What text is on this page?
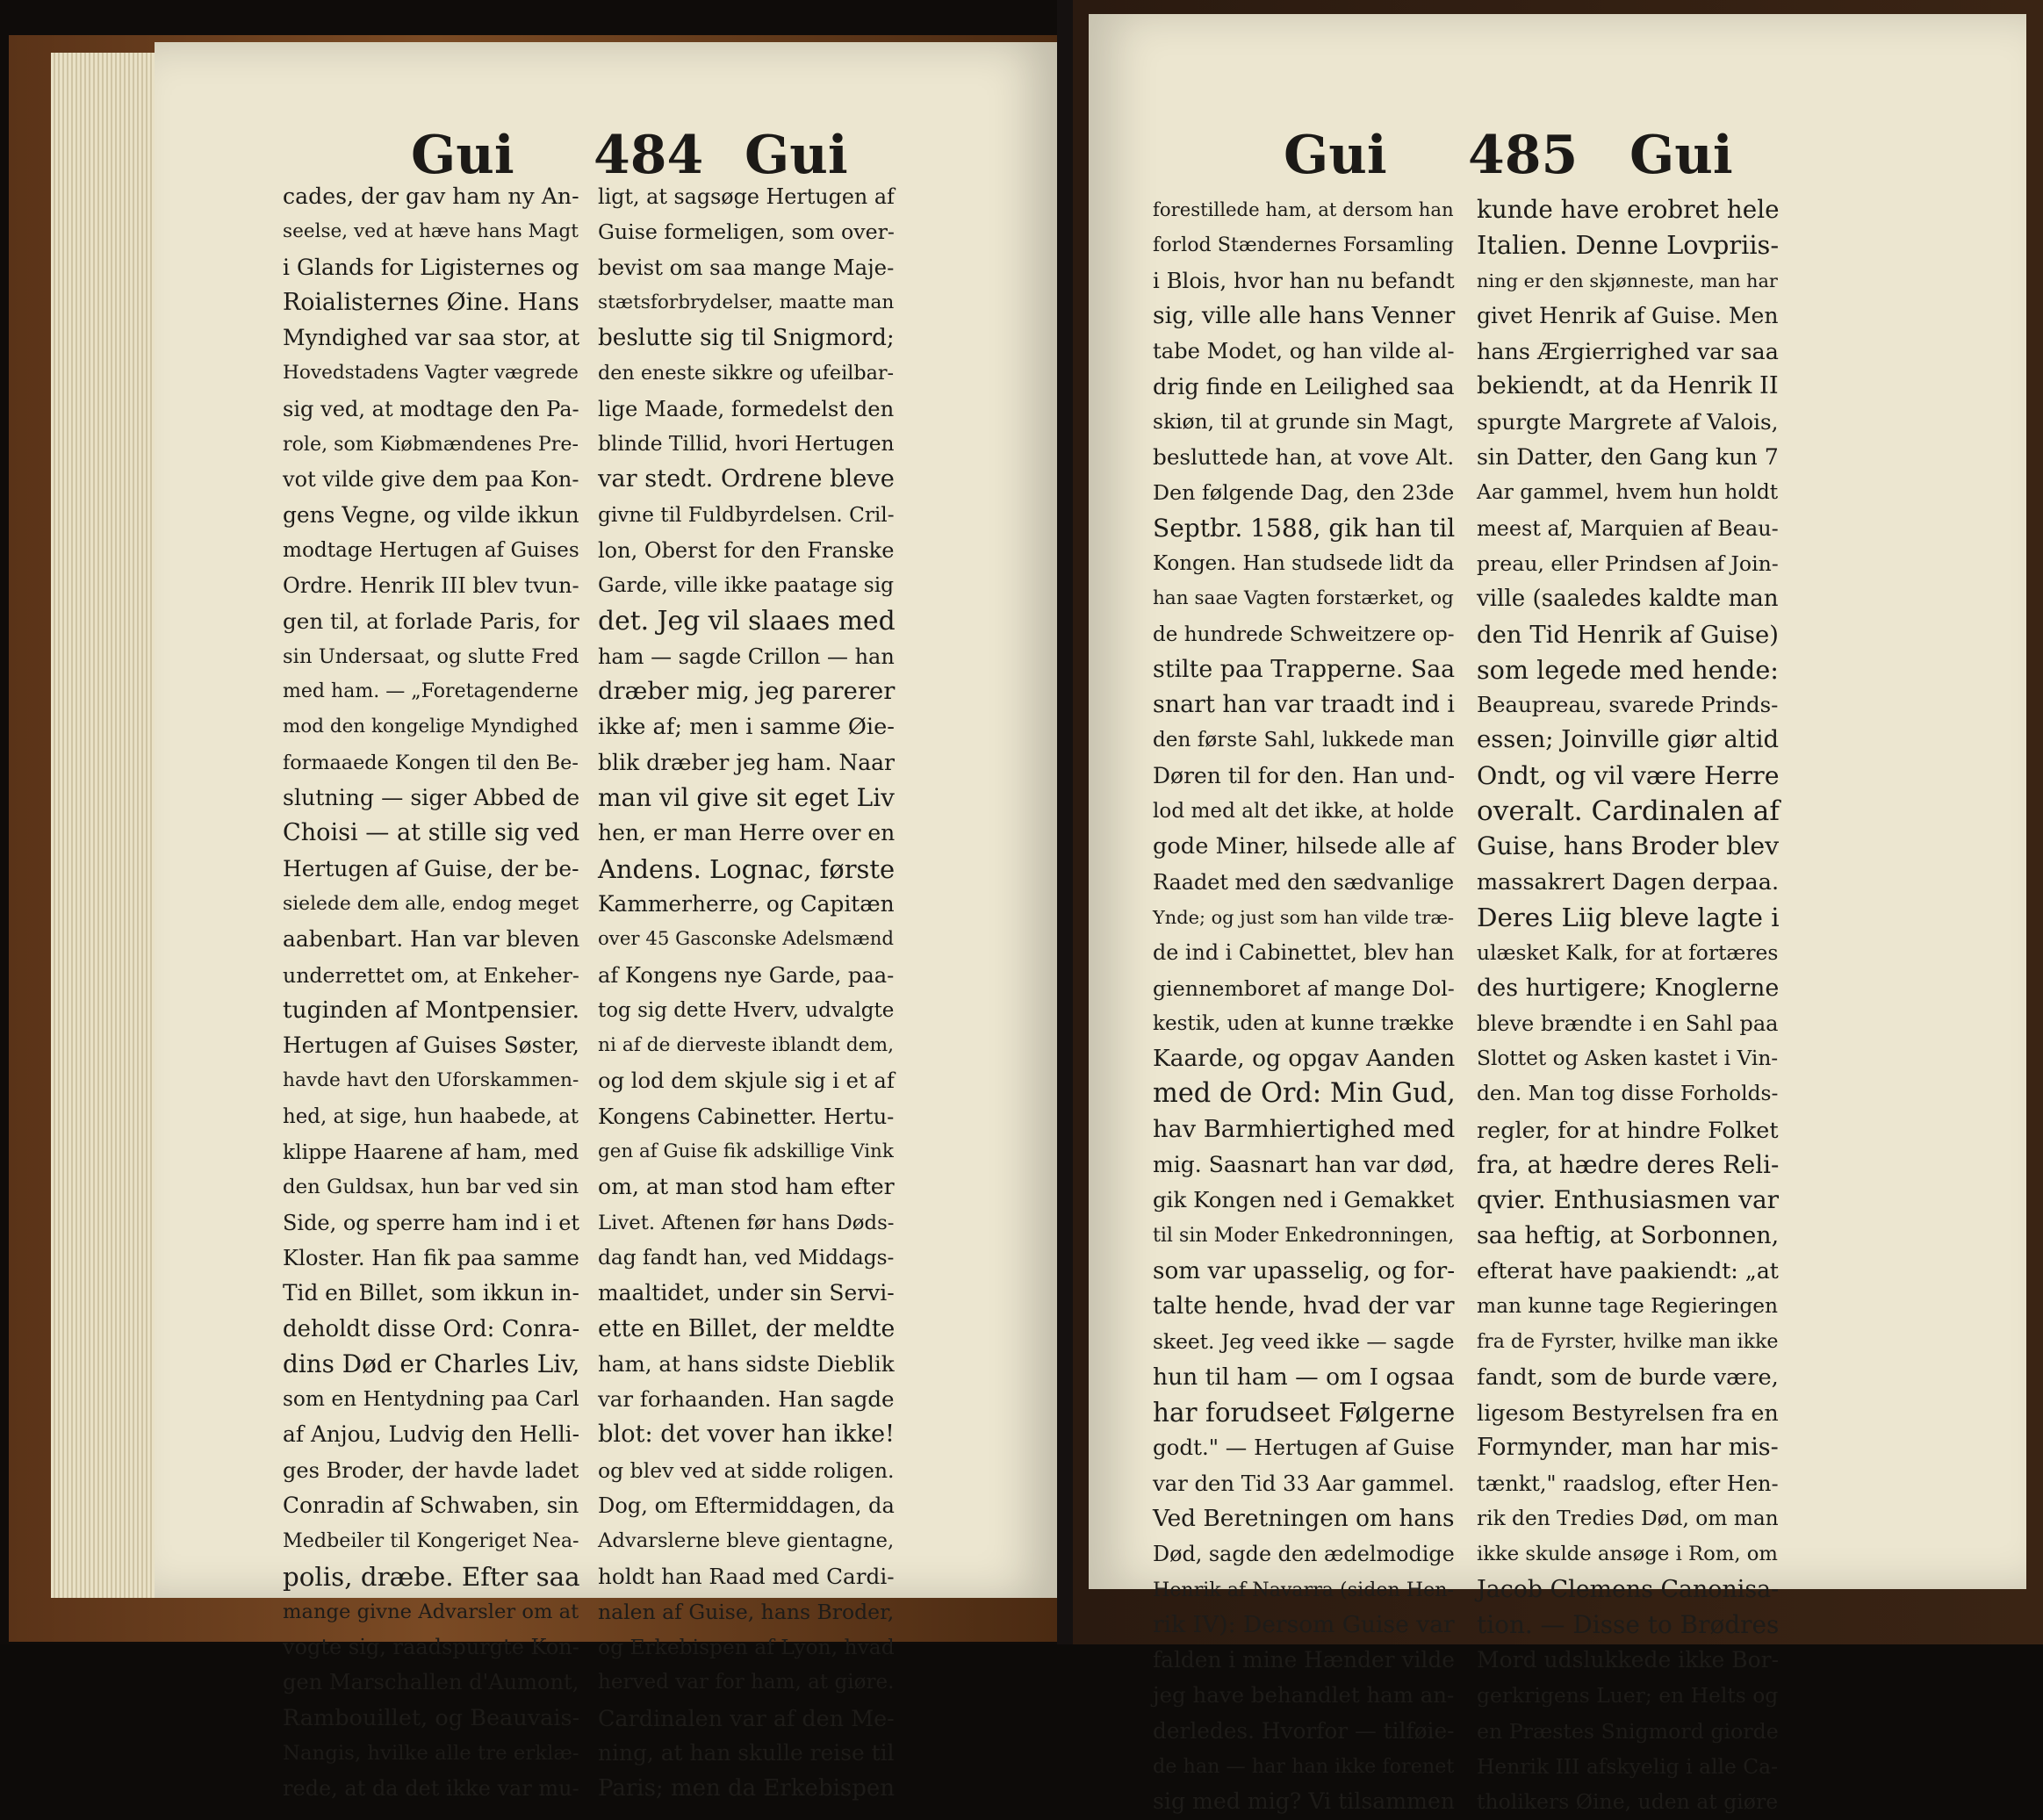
Gui 484 Gui
cades, der gav ham ny An-
seelse, ved at hæve hans Magt
i Glands for Ligisternes og
Roialisternes Øine. Hans
Myndighed var saa stor, at
Hovedstadens Vagter vægrede
sig ved, at modtage den Pa-
role, som Kiøbmændenes Pre-
vot vilde give dem paa Kon-
gens Vegne, og vilde ikkun
modtage Hertugen af Guises
Ordre. Henrik III blev tvun-
gen til, at forlade Paris, for
sin Undersaat, og slutte Fred
med ham. — „Foretagenderne
mod den kongelige Myndighed
formaaede Kongen til den Be-
slutning — siger Abbed de
Choisi — at stille sig ved
Hertugen af Guise, der be-
sielede dem alle, endog meget
aabenbart. Han var bleven
underrettet om, at Enkeher-
tuginden af Montpensier.
Hertugen af Guises Søster,
havde havt den Uforskammen-
hed, at sige, hun haabede, at
klippe Haarene af ham, med
den Guldsax, hun bar ved sin
Side, og sperre ham ind i et
Kloster. Han fik paa samme
Tid en Billet, som ikkun in-
deholdt disse Ord: Conra-
dins Død er Charles Liv,
som en Hentydning paa Carl
af Anjou, Ludvig den Helli-
ges Broder, der havde ladet
Conradin af Schwaben, sin
Medbeiler til Kongeriget Nea-
polis, dræbe. Efter saa
mange givne Advarsler om at
vogte sig, raadspurgte Kon-
gen Marschallen d'Aumont,
Rambouillet, og Beauvais-
Nangis, hvilke alle tre erklæ-
rede, at da det ikke var mu-
ligt, at sagsøge Hertugen af
Guise formeligen, som over-
bevist om saa mange Maje-
stætsforbrydelser, maatte man
beslutte sig til Snigmord;
den eneste sikkre og ufeilbar-
lige Maade, formedelst den
blinde Tillid, hvori Hertugen
var stedt. Ordrene bleve
givne til Fuldbyrdelsen. Cril-
lon, Oberst for den Franske
Garde, ville ikke paatage sig
det. Jeg vil slaaes med
ham — sagde Crillon — han
dræber mig, jeg parerer
ikke af; men i samme Øie-
blik dræber jeg ham. Naar
man vil give sit eget Liv
hen, er man Herre over en
Andens. Lognac, første
Kammerherre, og Capitæn
over 45 Gasconske Adelsmænd
af Kongens nye Garde, paa-
tog sig dette Hverv, udvalgte
ni af de dierveste iblandt dem,
og lod dem skjule sig i et af
Kongens Cabinetter. Hertu-
gen af Guise fik adskillige Vink
om, at man stod ham efter
Livet. Aftenen før hans Døds-
dag fandt han, ved Middags-
maaltidet, under sin Servi-
ette en Billet, der meldte
ham, at hans sidste Dieblik
var forhaanden. Han sagde
blot: det vover han ikke!
og blev ved at sidde roligen.
Dog, om Eftermiddagen, da
Advarslerne bleve gientagne,
holdt han Raad med Cardi-
nalen af Guise, hans Broder,
og Erkebispen af Lyon, hvad
herved var for ham, at giøre.
Cardinalen var af den Me-
ning, at han skulle reise til
Paris; men da Erkebispen
Gui 485 Gui
forestillede ham, at dersom han
forlod Stændernes Forsamling
i Blois, hvor han nu befandt
sig, ville alle hans Venner
tabe Modet, og han vilde al-
drig finde en Leilighed saa
skiøn, til at grunde sin Magt,
besluttede han, at vove Alt.
Den følgende Dag, den 23de
Septbr. 1588, gik han til
Kongen. Han studsede lidt da
han saae Vagten forstærket, og
de hundrede Schweitzere op-
stilte paa Trapperne. Saa
snart han var traadt ind i
den første Sahl, lukkede man
Døren til for den. Han und-
lod med alt det ikke, at holde
gode Miner, hilsede alle af
Raadet med den sædvanlige
Ynde; og just som han vilde træ-
de ind i Cabinettet, blev han
giennemboret af mange Dol-
kestik, uden at kunne trække
Kaarde, og opgav Aanden
med de Ord: Min Gud,
hav Barmhiertighed med
mig. Saasnart han var død,
gik Kongen ned i Gemakket
til sin Moder Enkedronningen,
som var upasselig, og for-
talte hende, hvad der var
skeet. Jeg veed ikke — sagde
hun til ham — om I ogsaa
har forudseet Følgerne
godt." — Hertugen af Guise
var den Tid 33 Aar gammel.
Ved Beretningen om hans
Død, sagde den ædelmodige
Henrik af Navarra (siden Hen-
rik IV): Dersom Guise var
falden i mine Hænder vilde
jeg have behandlet ham an-
derledes. Hvorfor — tilføie-
de han — har han ikke forenet
sig med mig? Vi tilsammen
kunde have erobret hele
Italien. Denne Lovpriis-
ning er den skjønneste, man har
givet Henrik af Guise. Men
hans Ærgierrighed var saa
bekiendt, at da Henrik II
spurgte Margrete af Valois,
sin Datter, den Gang kun 7
Aar gammel, hvem hun holdt
meest af, Marquien af Beau-
preau, eller Prindsen af Join-
ville (saaledes kaldte man
den Tid Henrik af Guise)
som legede med hende:
Beaupreau, svarede Prinds-
essen; Joinville giør altid
Ondt, og vil være Herre
overalt. Cardinalen af
Guise, hans Broder blev
massakrert Dagen derpaa.
Deres Liig bleve lagte i
ulæsket Kalk, for at fortæres
des hurtigere; Knoglerne
bleve brændte i en Sahl paa
Slottet og Asken kastet i Vin-
den. Man tog disse Forholds-
regler, for at hindre Folket
fra, at hædre deres Reli-
qvier. Enthusiasmen var
saa heftig, at Sorbonnen,
efterat have paakiendt: „at
man kunne tage Regieringen
fra de Fyrster, hvilke man ikke
fandt, som de burde være,
ligesom Bestyrelsen fra en
Formynder, man har mis-
tænkt," raadslog, efter Hen-
rik den Tredies Død, om man
ikke skulde ansøge i Rom, om
Jacob Clemens Canonisa-
tion. — Disse to Brødres
Mord udslukkede ikke Bor-
gerkrigens Luer; en Helts og
en Præstes Snigmord giorde
Henrik III afskyelig i alle Ca-
tholikers Øine, uden at giøre
